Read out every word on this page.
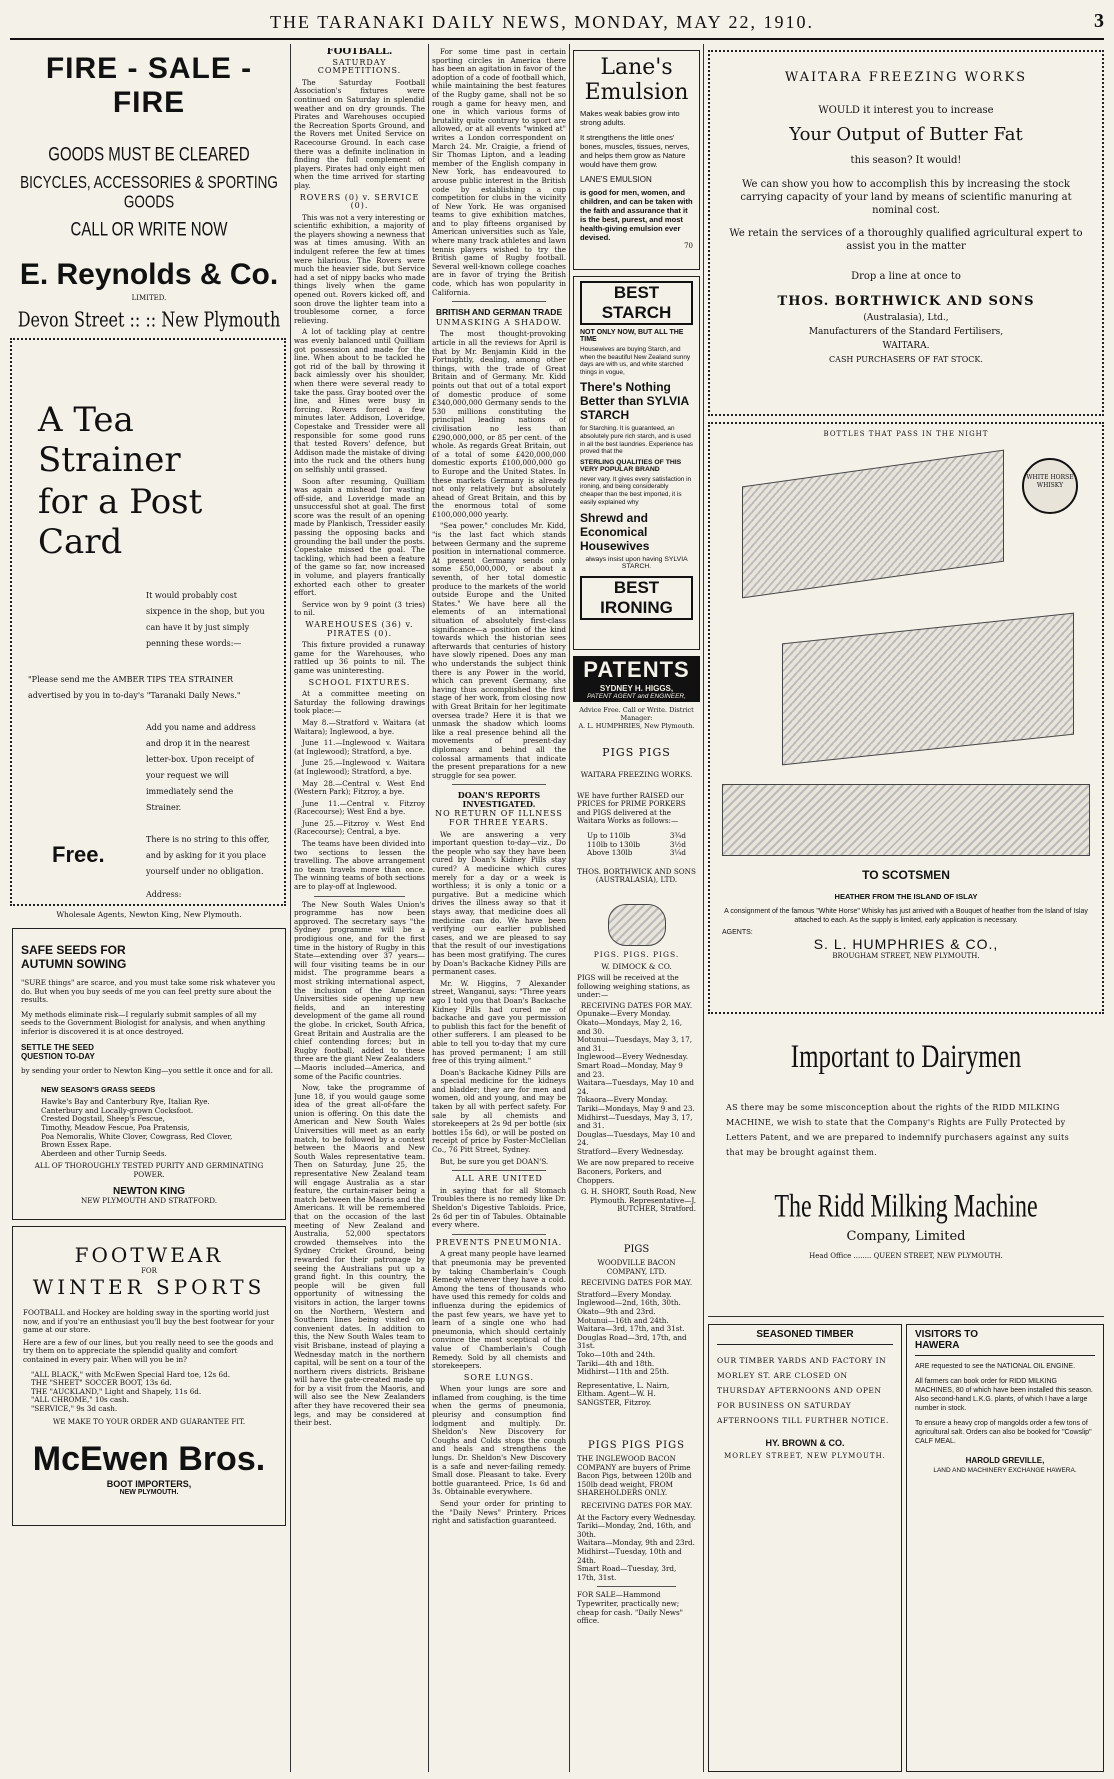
THE TARANAKI DAILY NEWS, MONDAY, MAY 22, 1910.	3
FIRE - SALE - FIRE
GOODS MUST BE CLEARED
BICYCLES, ACCESSORIES & SPORTING GOODS
CALL OR WRITE NOW
E. Reynolds & Co.
LIMITED.
Devon Street :: :: New Plymouth
A Tea Strainer
for a Post Card
It would probably cost sixpence in the shop, but you can have it by just simply penning these words:—
"Please send me the AMBER TIPS TEA STRAINER advertised by you in to-day's "Taranaki Daily News."
Add you name and address and drop it in the nearest letter-box. Upon receipt of your request we will immediately send the Strainer.
Free.
There is no string to this offer, and by asking for it you place yourself under no obligation.
Address:
Wholesale Agents, Newton King, New Plymouth.
SAFE SEEDS FOR
AUTUMN SOWING
"SURE things" are scarce, and you must take some risk whatever you do. But when you buy seeds of me you can feel pretty sure about the results.
My methods eliminate risk—I regularly submit samples of all my seeds to the Government Biologist for analysis, and when anything inferior is discovered it is at once destroyed.
SETTLE THE SEED
QUESTION TO-DAY
by sending your order to Newton King—you settle it once and for all.
NEW SEASON'S GRASS SEEDS
Hawke's Bay and Canterbury Rye, Italian Rye.
Canterbury and Locally-grown Cocksfoot.
Crested Dogstail, Sheep's Fescue,
Timothy, Meadow Fescue, Poa Pratensis,
Poa Nemoralis, White Clover, Cowgrass, Red Clover,
Brown Essex Rape.
Aberdeen and other Turnip Seeds.
ALL OF THOROUGHLY TESTED PURITY AND GERMINATING POWER.
NEWTON KING
NEW PLYMOUTH AND STRATFORD.
FOOTWEAR
FOR
WINTER SPORTS
FOOTBALL and Hockey are holding sway in the sporting world just now, and if you're an enthusiast you'll buy the best footwear for your game at our store.
Here are a few of our lines, but you really need to see the goods and try them on to appreciate the splendid quality and comfort contained in every pair. When will you be in?
"ALL BLACK," with McEwen Special Hard toe, 12s 6d.
THE "SHEET" SOCCER BOOT, 13s 6d.
THE "AUCKLAND," Light and Shapely, 11s 6d.
"ALL CHROME," 10s cash.
"SERVICE," 9s 3d cash.
WE MAKE TO YOUR ORDER AND GUARANTEE FIT.
McEwen Bros.
BOOT IMPORTERS,
NEW PLYMOUTH.
FOOTBALL.
SATURDAY COMPETITIONS.

The Saturday Football Association's fixtures were continued on Saturday in splendid weather and on dry grounds. The Pirates and Warehouses occupied the Recreation Sports Ground, and the Rovers met United Service on Racecourse Ground. In each case there was a definite inclination in finding the full complement of players. Pirates had only eight men when the time arrived for starting play.

ROVERS (0) v. SERVICE (0).

This was not a very interesting or scientific exhibition, a majority of the players showing a newness that was at times amusing. With an indulgent referee the few at times were hilarious. The Rovers were much the heavier side, but Service had a set of nippy backs who made things lively when the game opened out. Rovers kicked off, and soon drove the lighter team into a troublesome corner, a force relieving.

A lot of tackling play at centre was evenly balanced until Quilliam got possession and made for the line. When about to be tackled he got rid of the ball by throwing it back aimlessly over his shoulder, when there were several ready to take the pass. Gray booted over the line, and Hines were busy in forcing. Rovers forced a few minutes later. Addison, Loveridge, Copestake and Tressider were all responsible for some good runs that tested Rovers' defence, but Addison made the mistake of diving into the ruck and the others hung on selfishly until grassed.

Soon after resuming, Quilliam was again a mishead for wasting off-side, and Loveridge made an unsuccessful shot at goal. The first score was the result of an opening made by Plankisch, Tressider easily passing the opposing backs and grounding the ball under the posts. Copestake missed the goal. The tackling, which had been a feature of the game so far, now increased in volume, and players frantically exhorted each other to greater effort.

Service won by 9 point (3 tries) to nil.

WAREHOUSES (36) v. PIRATES (0).

This fixture provided a runaway game for the Warehouses, who rattled up 36 points to nil. The game was uninteresting.

SCHOOL FIXTURES.

At a committee meeting on Saturday the following drawings took place:—

May 8.—Stratford v. Waitara (at Waitara); Inglewood, a bye.

June 11.—Inglewood v. Waitara (at Inglewood); Stratford, a bye.

June 25.—Inglewood v. Waitara (at Inglewood); Stratford, a bye.

May 28.—Central v. West End (Western Park); Fitzroy, a bye.

June 11.—Central v. Fitzroy (Racecourse); West End a bye.

June 25.—Fitzroy v. West End (Racecourse); Central, a bye.

The teams have been divided into two sections to lessen the travelling. The above arrangement no team travels more than once. The winning teams of both sections are to play-off at Inglewood.

The New South Wales Union's programme has now been approved. The secretary says "the Sydney programme will be a prodigious one, and for the first time in the history of Rugby in this State—extending over 37 years—will four visiting teams be in our midst. The programme bears a most striking international aspect, the inclusion of the American Universities side opening up new fields, and an interesting development of the game all round the globe. In cricket, South Africa, Great Britain and Australia are the chief contending forces; but in Rugby football, added to these three are the giant New Zealanders—Maoris included—America, and some of the Pacific countries.

Now, take the programme of June 18, if you would gauge some idea of the great all-of-fare the union is offering. On this date the American and New South Wales Universities will meet as an early match, to be followed by a contest between the Maoris and New South Wales representative team. Then on Saturday, June 25, the representative New Zealand team will engage Australia as a star feature, the curtain-raiser being a match between the Maoris and the Americans. It will be remembered that on the occasion of the last meeting of New Zealand and Australia, 52,000 spectators crowded themselves into the Sydney Cricket Ground, being rewarded for their patronage by seeing the Australians put up a grand fight. In this country, the people will be given full opportunity of witnessing the visitors in action, the larger towns on the Northern, Western and Southern lines being visited on convenient dates. In addition to this, the New South Wales team to visit Brisbane, instead of playing a Wednesday match in the northern capital, will be sent on a tour of the northern rivers districts. Brisbane will have the gate-created made up for by a visit from the Maoris, and will also see the New Zealanders after they have recovered their sea legs, and may be considered at their best.

For some time past in certain sporting circles in America there has been an agitation in favor of the adoption of a code of football which, while maintaining the best features of the Rugby game, shall not be so rough a game for heavy men, and one in which various forms of brutality quite contrary to sport are allowed, or at all events "winked at" writes a London correspondent on March 24. Mr. Craigie, a friend of Sir Thomas Lipton, and a leading member of the English company in New York, has endeavoured to arouse public interest in the British code by establishing a cup competition for clubs in the vicinity of New York. He was organised teams to give exhibition matches, and to play fifteens organised by American universities such as Yale, where many track athletes and lawn tennis players wished to try the British game of Rugby football. Several well-known college coaches are in favor of trying the British code, which has won popularity in California.

BRITISH AND GERMAN TRADE
UNMASKING A SHADOW.

The most thought-provoking article in all the reviews for April is that by Mr. Benjamin Kidd in the Fortnightly, dealing, among other things, with the trade of Great Britain and of Germany. Mr. Kidd points out that out of a total export of domestic produce of some £340,000,000 Germany sends to the 530 millions constituting the principal leading nations of civilisation no less than £290,000,000, or 85 per cent. of the whole. As regards Great Britain, out of a total of some £420,000,000 domestic exports £100,000,000 go to Europe and the United States. In these markets Germany is already not only relatively but absolutely ahead of Great Britain, and this by the enormous total of some £100,000,000 yearly.

"Sea power," concludes Mr. Kidd, "is the last fact which stands between Germany and the supreme position in international commerce. At present Germany sends only some £50,000,000, or about a seventh, of her total domestic produce to the markets of the world outside Europe and the United States." We have here all the elements of an international situation of absolutely first-class significance—a position of the kind towards which the historian sees afterwards that centuries of history have slowly ripened. Does any man who understands the subject think there is any Power in the world, which can prevent Germany, she having thus accomplished the first stage of her work, from closing now with Great Britain for her legitimate oversea trade? Here it is that we unmask the shadow which looms like a real presence behind all the movements of present-day diplomacy and behind all the colossal armaments that indicate the present preparations for a new struggle for sea power.

DOAN'S REPORTS INVESTIGATED.
NO RETURN OF ILLNESS FOR THREE YEARS.

We are answering a very important question to-day—viz., Do the people who say they have been cured by Doan's Kidney Pills stay cured? A medicine which cures merely for a day or a week is worthless; it is only a tonic or a purgative. But a medicine which drives the illness away so that it stays away, that medicine does all medicine can do. We have been verifying our earlier published cases, and we are pleased to say that the result of our investigations has been most gratifying. The cures by Doan's Backache Kidney Pills are permanent cases.

Mr. W. Higgins, 7 Alexander street, Wanganui, says: "Three years ago I told you that Doan's Backache Kidney Pills had cured me of backache and gave you permission to publish this fact for the benefit of other sufferers. I am pleased to be able to tell you to-day that my cure has proved permanent; I am still free of this trying ailment."

Doan's Backache Kidney Pills are a special medicine for the kidneys and bladder; they are for men and women, old and young, and may be taken by all with perfect safety. For sale by all chemists and storekeepers at 2s 9d per bottle (six bottles 15s 6d), or will be posted on receipt of price by Foster-McClellan Co., 76 Pitt Street, Sydney.

But, be sure you get DOAN'S.

ALL ARE UNITED

in saying that for all Stomach Troubles there is no remedy like Dr. Sheldon's Digestive Tabloids. Price, 2s 6d per tin of Tabules. Obtainable every where.

PREVENTS PNEUMONIA.

A great many people have learned that pneumonia may be prevented by taking Chamberlain's Cough Remedy whenever they have a cold. Among the tens of thousands who have used this remedy for colds and influenza during the epidemics of the past few years, we have yet to learn of a single one who had pneumonia, which should certainly convince the most sceptical of the value of Chamberlain's Cough Remedy. Sold by all chemists and storekeepers.

SORE LUNGS.

When your lungs are sore and inflamed from coughing, is the time when the germs of pneumonia, pleurisy and consumption find lodgment and multiply. Dr. Sheldon's New Discovery for Coughs and Colds stops the cough and heals and strengthens the lungs. Dr. Sheldon's New Discovery is a safe and never-failing remedy. Small dose. Pleasant to take. Every bottle guaranteed. Price, 1s 6d and 3s. Obtainable everywhere.

Send your order for printing to the "Daily News" Printery. Prices right and satisfaction guaranteed.

Lane's
Emulsion
Makes weak babies grow into strong adults.
It strengthens the little ones' bones, muscles, tissues, nerves, and helps them grow as Nature would have them grow.
LANE'S EMULSION
is good for men, women, and children, and can be taken with the faith and assurance that it is the best, purest, and most health-giving emulsion ever devised.
70
BEST STARCH
NOT ONLY NOW, BUT ALL THE TIME
Housewives are buying Starch, and when the beautiful New Zealand sunny days are with us, and white starched things in vogue,
There's Nothing Better than SYLVIA STARCH
for Starching. It is guaranteed, an absolutely pure rich starch, and is used in all the best laundries. Experience has proved that the
STERLING QUALITIES OF THIS VERY POPULAR BRAND
never vary. It gives every satisfaction in ironing, and being considerably cheaper than the best imported, it is easily explained why
Shrewd and Economical Housewives
always insist upon having SYLVIA STARCH.
BEST IRONING
PATENTS
SYDNEY H. HIGGS,
PATENT AGENT and ENGINEER,
Advice Free. Call or Write. District Manager:
A. L. HUMPHRIES, New Plymouth.
PIGS PIGS
WAITARA FREEZING WORKS.
WE have further RAISED our PRICES for PRIME PORKERS and PIGS delivered at the Waitara Works as follows:—
Up to 110lb	3¾d
110lb to 130lb	3½d
Above 130lb	3¼d
THOS. BORTHWICK AND SONS (AUSTRALASIA), LTD.
PIGS. PIGS. PIGS.
W. DIMOCK & CO.
PIGS will be received at the following weighing stations, as under:—
RECEIVING DATES FOR MAY.
Opunake—Every Monday.
Okato—Mondays, May 2, 16, and 30.
Motunui—Tuesdays, May 3, 17, and 31.
Inglewood—Every Wednesday.
Smart Road—Monday, May 9 and 23.
Waitara—Tuesdays, May 10 and 24.
Tokaora—Every Monday.
Tariki—Mondays, May 9 and 23.
Midhirst—Tuesdays, May 3, 17, and 31.
Douglas—Tuesdays, May 10 and 24.
Stratford—Every Wednesday.
We are now prepared to receive Baconers, Porkers, and Choppers.
G. H. SHORT, South Road, New Plymouth. Representative—J. BUTCHER, Stratford.
PIGS
WOODVILLE BACON COMPANY, LTD.
RECEIVING DATES FOR MAY.
Stratford—Every Monday.
Inglewood—2nd, 16th, 30th.
Okato—9th and 23rd.
Motunui—16th and 24th.
Waitara—3rd, 17th, and 31st.
Douglas Road—3rd, 17th, and 31st.
Toko—10th and 24th.
Tariki—4th and 18th.
Midhirst—11th and 25th.
Representative, L. Nairn, Eltham. Agent—W. H. SANGSTER, Fitzroy.
PIGS PIGS PIGS
THE INGLEWOOD BACON COMPANY are buyers of Prime Bacon Pigs, between 120lb and 150lb dead weight, FROM SHAREHOLDERS ONLY.
RECEIVING DATES FOR MAY.
At the Factory every Wednesday.
Tariki—Monday, 2nd, 16th, and 30th.
Waitara—Monday, 9th and 23rd.
Midhirst—Tuesday, 10th and 24th.
Smart Road—Tuesday, 3rd, 17th, 31st.
FOR SALE—Hammond Typewriter, practically new; cheap for cash. "Daily News" office.
WAITARA FREEZING WORKS
WOULD it interest you to increase
Your Output of Butter Fat
this season? It would!
We can show you how to accomplish this by increasing the stock carrying capacity of your land by means of scientific manuring at nominal cost.
We retain the services of a thoroughly qualified agricultural expert to assist you in the matter
Drop a line at once to
THOS. BORTHWICK AND SONS
(Australasia), Ltd.,
Manufacturers of the Standard Fertilisers,
WAITARA.
CASH PURCHASERS OF FAT STOCK.
BOTTLES THAT PASS IN THE NIGHT
WHITE HORSE WHISKY
TO SCOTSMEN
HEATHER FROM THE ISLAND OF ISLAY
A consignment of the famous "White Horse" Whisky has just arrived with a Bouquet of heather from the Island of Islay attached to each. As the supply is limited, early application is necessary.
AGENTS:
S. L. HUMPHRIES & CO.,
BROUGHAM STREET, NEW PLYMOUTH.
Important to Dairymen
AS there may be some misconception about the rights of the RIDD MILKING MACHINE, we wish to state that the Company's Rights are Fully Protected by Letters Patent, and we are prepared to indemnify purchasers against any suits that may be brought against them.
The Ridd Milking Machine
Company, Limited
Head Office ........ QUEEN STREET, NEW PLYMOUTH.
SEASONED TIMBER
OUR TIMBER YARDS AND FACTORY IN MORLEY ST. ARE CLOSED ON THURSDAY AFTERNOONS AND OPEN FOR BUSINESS ON SATURDAY AFTERNOONS TILL FURTHER NOTICE.
HY. BROWN & CO.
MORLEY STREET, NEW PLYMOUTH.
VISITORS TO
HAWERA
ARE requested to see the NATIONAL OIL ENGINE.
All farmers can book order for RIDD MILKING MACHINES, 80 of which have been installed this season. Also second-hand L.K.G. plants, of which I have a large number in stock.
To ensure a heavy crop of mangolds order a few tons of agricultural salt. Orders can also be booked for "Cowslip" CALF MEAL.
HAROLD GREVILLE,
LAND AND MACHINERY EXCHANGE HAWERA.
